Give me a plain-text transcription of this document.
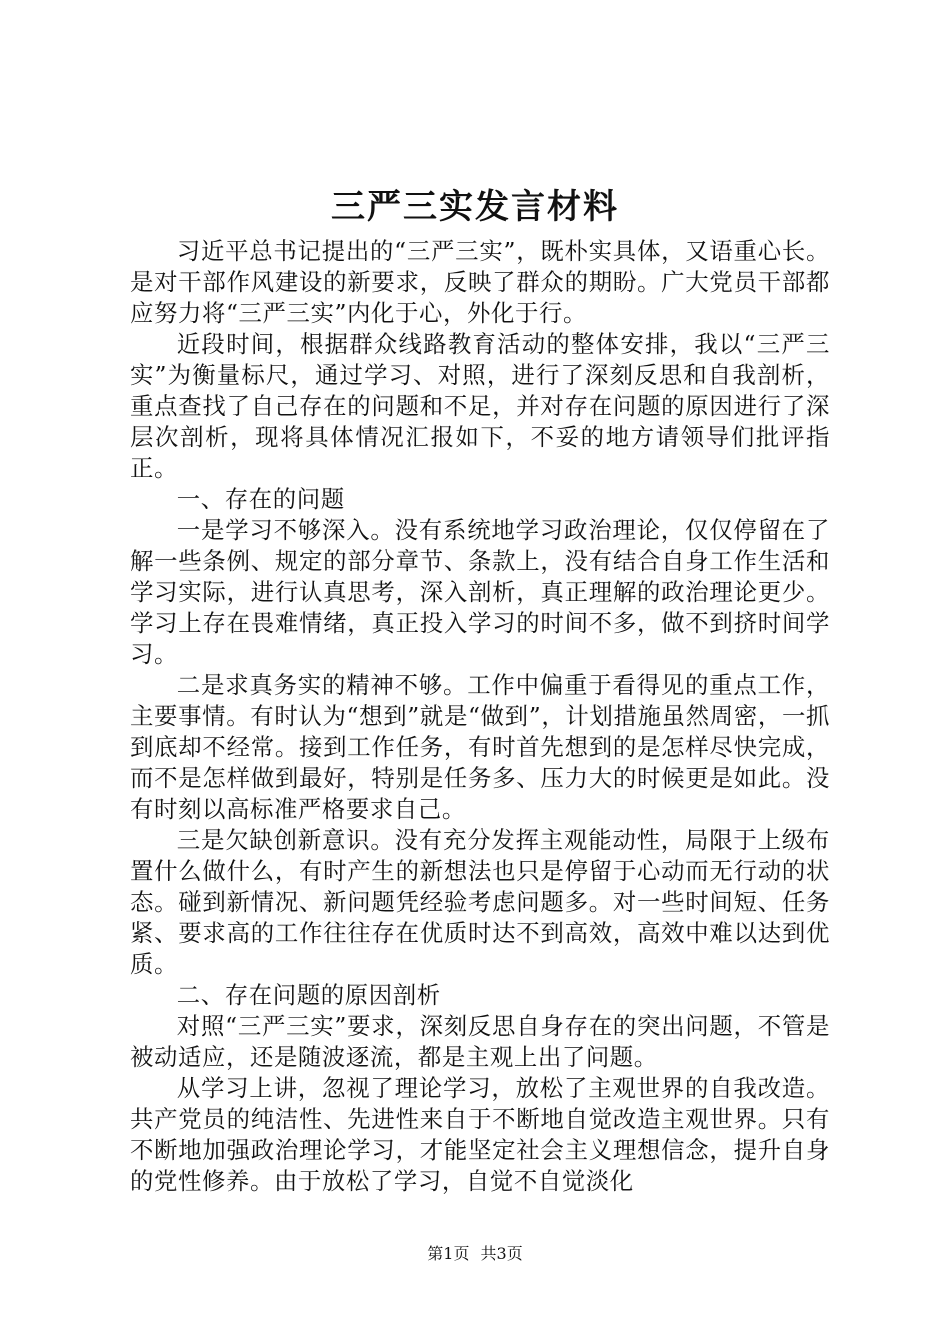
三严三实发言材料

习近平总书记提出的“三严三实”，既朴实具体，又语重心长。是对干部作风建设的新要求，反映了群众的期盼。广大党员干部都应努力将“三严三实”内化于心，外化于行。

近段时间，根据群众线路教育活动的整体安排，我以“三严三实”为衡量标尺，通过学习、对照，进行了深刻反思和自我剖析，重点查找了自己存在的问题和不足，并对存在问题的原因进行了深层次剖析，现将具体情况汇报如下，不妥的地方请领导们批评指正。

一、存在的问题

一是学习不够深入。没有系统地学习政治理论，仅仅停留在了解一些条例、规定的部分章节、条款上，没有结合自身工作生活和学习实际，进行认真思考，深入剖析，真正理解的政治理论更少。学习上存在畏难情绪，真正投入学习的时间不多，做不到挤时间学习。

二是求真务实的精神不够。工作中偏重于看得见的重点工作，主要事情。有时认为“想到”就是“做到”，计划措施虽然周密，一抓到底却不经常。接到工作任务，有时首先想到的是怎样尽快完成，而不是怎样做到最好，特别是任务多、压力大的时候更是如此。没有时刻以高标准严格要求自己。

三是欠缺创新意识。没有充分发挥主观能动性，局限于上级布置什么做什么，有时产生的新想法也只是停留于心动而无行动的状态。碰到新情况、新问题凭经验考虑问题多。对一些时间短、任务紧、要求高的工作往往存在优质时达不到高效，高效中难以达到优质。

二、存在问题的原因剖析

对照“三严三实”要求，深刻反思自身存在的突出问题，不管是被动适应，还是随波逐流，都是主观上出了问题。

从学习上讲，忽视了理论学习，放松了主观世界的自我改造。共产党员的纯洁性、先进性来自于不断地自觉改造主观世界。只有不断地加强政治理论学习，才能坚定社会主义理想信念，提升自身的党性修养。由于放松了学习，自觉不自觉淡化

第1页 共3页
